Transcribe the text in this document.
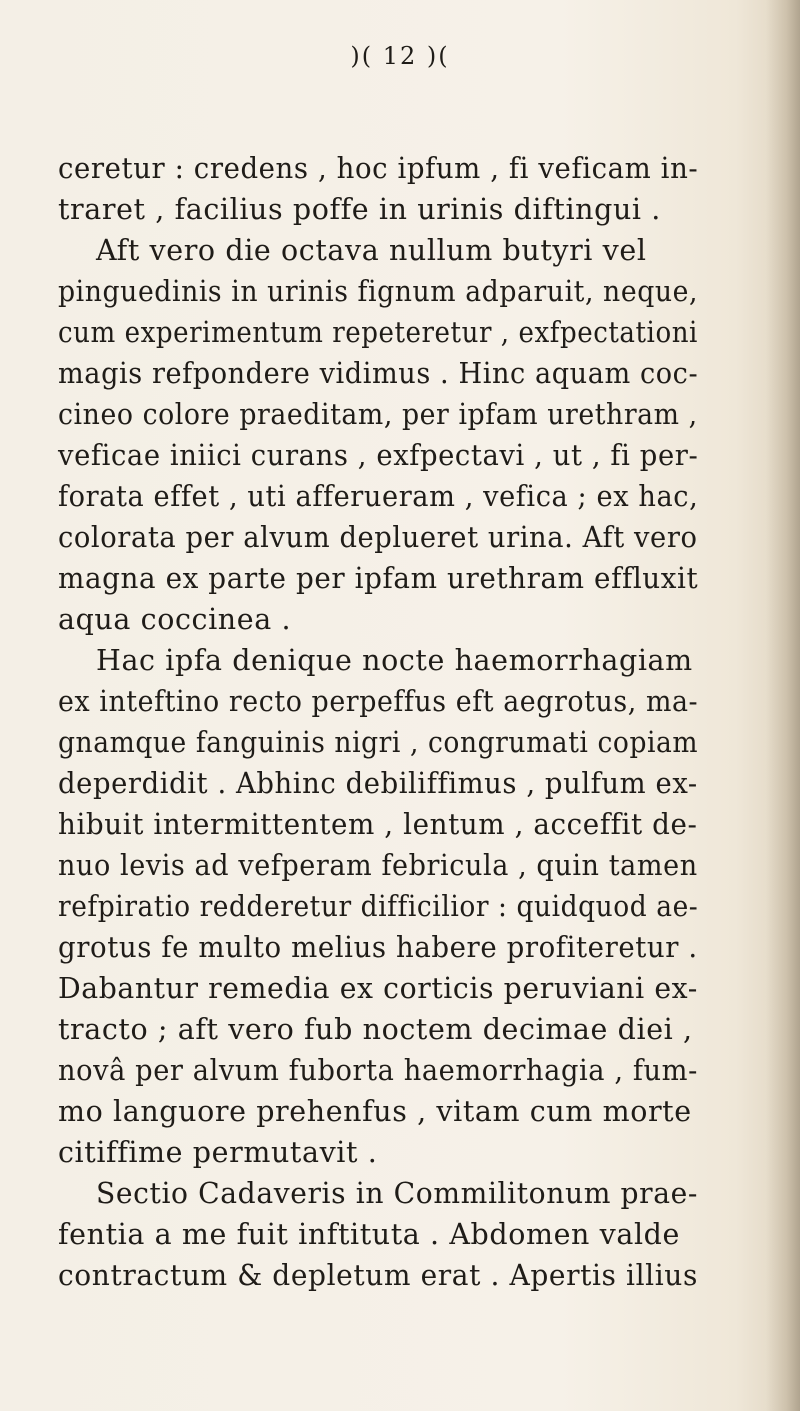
)( 12 )(
ceretur : credens , hoc ipfum , fi veficam in-
traret , facilius poffe in urinis diftingui .
Aft vero die octava nullum butyri vel
pinguedinis in urinis fignum adparuit, neque,
cum experimentum repeteretur , exfpectationi
magis refpondere vidimus . Hinc aquam coc-
cineo colore praeditam, per ipfam urethram ,
veficae iniici curans , exfpectavi , ut , fi per-
forata effet , uti afferueram , vefica ; ex hac,
colorata per alvum deplueret urina. Aft vero
magna ex parte per ipfam urethram effluxit
aqua coccinea .
Hac ipfa denique nocte haemorrhagiam
ex inteftino recto perpeffus eft aegrotus, ma-
gnamque fanguinis nigri , congrumati copiam
deperdidit . Abhinc debiliffimus , pulfum ex-
hibuit intermittentem , lentum , acceffit de-
nuo levis ad vefperam febricula , quin tamen
refpiratio redderetur difficilior : quidquod ae-
grotus fe multo melius habere profiteretur .
Dabantur remedia ex corticis peruviani ex-
tracto ; aft vero fub noctem decimae diei ,
novâ per alvum fuborta haemorrhagia , fum-
mo languore prehenfus , vitam cum morte
citiffime permutavit .
Sectio Cadaveris in Commilitonum prae-
fentia a me fuit inftituta . Abdomen valde
contractum & depletum erat . Apertis illius
